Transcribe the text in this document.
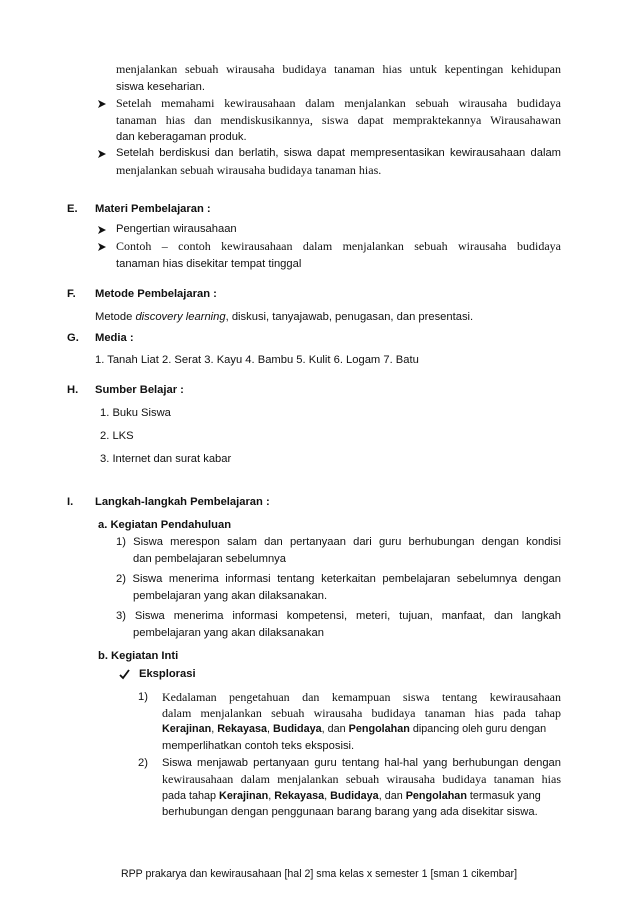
menjalankan sebuah wirausaha budidaya tanaman hias untuk kepentingan kehidupan
siswa keseharian.
Setelah memahami kewirausahaan dalam menjalankan sebuah wirausaha budidaya
tanaman hias dan mendiskusikannya, siswa dapat mempraktekannya Wirausahawan
dan keberagaman produk.
Setelah berdiskusi dan berlatih, siswa dapat mempresentasikan kewirausahaan dalam
menjalankan sebuah wirausaha budidaya tanaman hias.
E. Materi Pembelajaran :
Pengertian wirausahaan
Contoh – contoh kewirausahaan dalam menjalankan sebuah wirausaha budidaya
tanaman hias disekitar tempat tinggal
F. Metode Pembelajaran :
Metode discovery learning, diskusi, tanyajawab, penugasan, dan presentasi.
G. Media :
1. Tanah Liat 2. Serat 3. Kayu 4. Bambu 5. Kulit 6. Logam 7. Batu
H. Sumber Belajar :
1. Buku Siswa
2. LKS
3. Internet dan surat kabar
I. Langkah-langkah Pembelajaran :
a. Kegiatan Pendahuluan
1) Siswa merespon salam dan pertanyaan dari guru berhubungan dengan kondisi
dan pembelajaran sebelumnya
2) Siswa menerima informasi tentang keterkaitan pembelajaran sebelumnya dengan
pembelajaran yang akan dilaksanakan.
3) Siswa menerima informasi kompetensi, meteri, tujuan, manfaat, dan langkah
pembelajaran yang akan dilaksanakan
b. Kegiatan Inti
Eksplorasi
1) Kedalaman pengetahuan dan kemampuan siswa tentang kewirausahaan
dalam menjalankan sebuah wirausaha budidaya tanaman hias pada tahap
Kerajinan, Rekayasa, Budidaya, dan Pengolahan dipancing oleh guru dengan
memperlihatkan contoh teks eksposisi.
2) Siswa menjawab pertanyaan guru tentang hal-hal yang berhubungan dengan
kewirausahaan dalam menjalankan sebuah wirausaha budidaya tanaman hias
pada tahap Kerajinan, Rekayasa, Budidaya, dan Pengolahan termasuk yang
berhubungan dengan penggunaan barang barang yang ada disekitar siswa.
RPP prakarya dan kewirausahaan [hal 2] sma kelas x semester 1 [sman 1 cikembar]
